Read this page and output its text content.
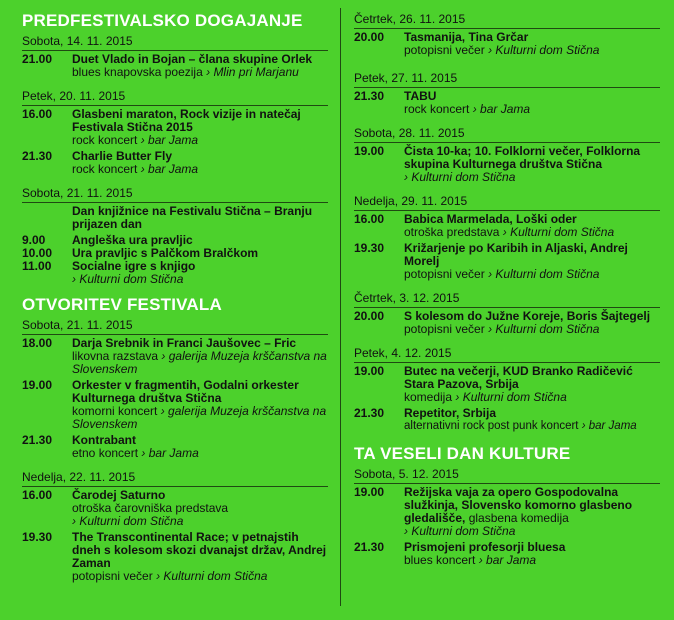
PREDFESTIVALSKO DOGAJANJE
Sobota, 14. 11. 2015
21.00	Duet Vlado in Bojan – člana skupine Orlek
blues knapovska poezija › Mlin pri Marjanu
Petek, 20. 11. 2015
16.00	Glasbeni maraton, Rock vizije in natečaj Festivala Stična 2015
rock koncert › bar Jama
21.30	Charlie Butter Fly
rock koncert › bar Jama
Sobota, 21. 11. 2015
Dan knjižnice na Festivalu Stična – Branju prijazen dan
9.00	Angleška ura pravljic
10.00	Ura pravljic s Palčkom Bralčkom
11.00	Socialne igre s knjigo
› Kulturni dom Stična
OTVORITEV FESTIVALA
Sobota, 21. 11. 2015
18.00	Darja Srebnik in Franci Jaušovec – Fric
likovna razstava › galerija Muzeja krščanstva na Slovenskem
19.00	Orkester v fragmentih, Godalni orkester Kulturnega društva Stična
komorni koncert › galerija Muzeja krščanstva na Slovenskem
21.30	Kontrabant
etno koncert › bar Jama
Nedelja, 22. 11. 2015
16.00	Čarodej Saturno
otroška čarovniška predstava
› Kulturni dom Stična
19.30	The Transcontinental Race; v petnajstih dneh s kolesom skozi dvanajst držav, Andrej Zaman
potopisni večer › Kulturni dom Stična
Četrtek, 26. 11. 2015
20.00	Tasmanija, Tina Grčar
potopisni večer › Kulturni dom Stična
Petek, 27. 11. 2015
21.30	TABU
rock koncert › bar Jama
Sobota, 28. 11. 2015
19.00	Čista 10-ka; 10. Folklorni večer, Folklorna skupina Kulturnega društva Stična
› Kulturni dom Stična
Nedelja, 29. 11. 2015
16.00	Babica Marmelada, Loški oder
otroška predstava › Kulturni dom Stična
19.30	Križarjenje po Karibih in Aljaski, Andrej Morelj
potopisni večer › Kulturni dom Stična
Četrtek, 3. 12. 2015
20.00	S kolesom do Južne Koreje, Boris Šajtegelj
potopisni večer › Kulturni dom Stična
Petek, 4. 12. 2015
19.00	Butec na večerji, KUD Branko Radičević Stara Pazova, Srbija
komedija › Kulturni dom Stična
21.30	Repetitor, Srbija
alternativni rock post punk koncert › bar Jama
TA VESELI DAN KULTURE
Sobota, 5. 12. 2015
19.00	Režijska vaja za opero Gospodovalna služkinja, Slovensko komorno glasbeno gledališče, glasbena komedija
› Kulturni dom Stična
21.30	Prismojeni profesorji bluesa
blues koncert › bar Jama
